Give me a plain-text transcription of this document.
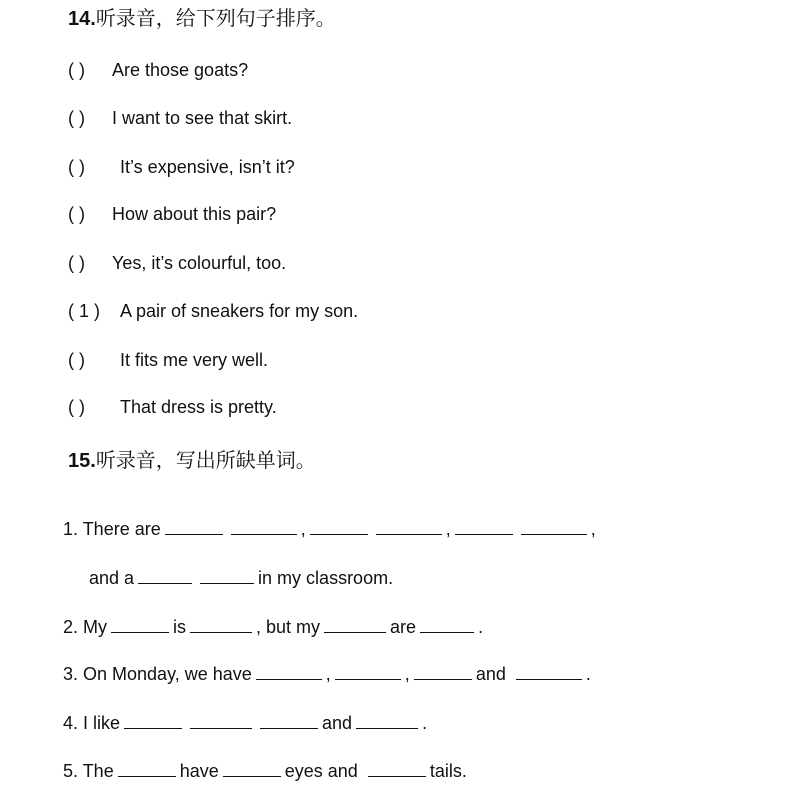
14.听录音，给下列句子排序。
( ) Are those goats?
( ) I want to see that skirt.
( ) It’s expensive, isn’t it?
( ) How about this pair?
( ) Yes, it’s colourful, too.
( 1 ) A pair of sneakers for my son.
( ) It fits me very well.
( ) That dress is pretty.
15.听录音，写出所缺单词。
1. There are	,	,	,
and a	in my classroom.
2. My	is	, but my	are	.
3. On Monday, we have	,	,	and	.
4. I like	and	.
5. The	have	eyes and	tails.
